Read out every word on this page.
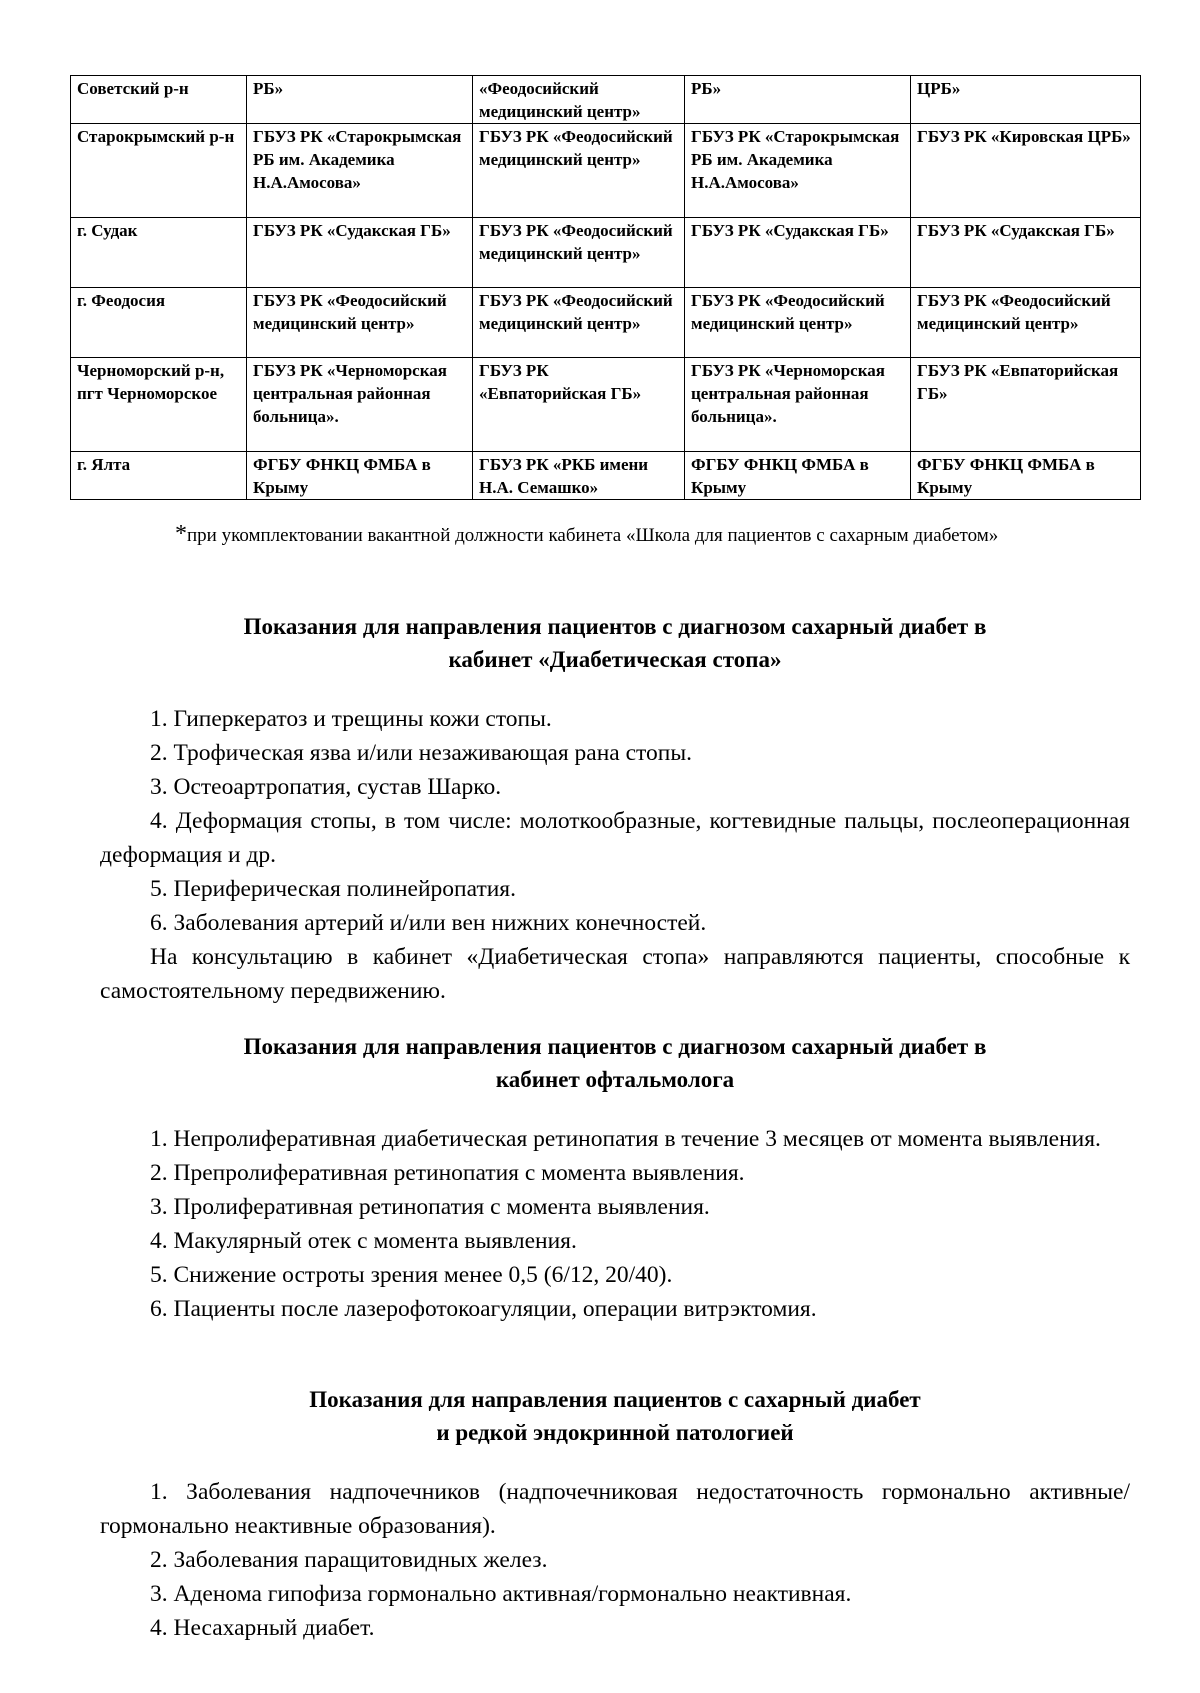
Советский р-н	РБ»	«Феодосийский медицинский центр»	РБ»	ЦРБ»
Старокрымский р-н	ГБУЗ РК «Старокрымская РБ им. Академика Н.А.Амосова»	ГБУЗ РК «Феодосийский медицинский центр»	ГБУЗ РК «Старокрымская РБ им. Академика Н.А.Амосова»	ГБУЗ РК «Кировская ЦРБ»
г. Судак	ГБУЗ РК «Судакская ГБ»	ГБУЗ РК «Феодосийский медицинский центр»	ГБУЗ РК «Судакская ГБ»	ГБУЗ РК «Судакская ГБ»
г. Феодосия	ГБУЗ РК «Феодосийский медицинский центр»	ГБУЗ РК «Феодосийский медицинский центр»	ГБУЗ РК «Феодосийский медицинский центр»	ГБУЗ РК «Феодосийский медицинский центр»
Черноморский р-н, пгт Черноморское	ГБУЗ РК «Черноморская центральная районная больница».	ГБУЗ РК «Евпаторийская ГБ»	ГБУЗ РК «Черноморская центральная районная больница».	ГБУЗ РК «Евпаторийская ГБ»
г. Ялта	ФГБУ ФНКЦ ФМБА в Крыму	ГБУЗ РК «РКБ имени Н.А. Семашко»	ФГБУ ФНКЦ ФМБА в Крыму	ФГБУ ФНКЦ ФМБА в Крыму
*при укомплектовании вакантной должности кабинета «Школа для пациентов с сахарным диабетом»
Показания для направления пациентов с диагнозом сахарный диабет в
кабинет «Диабетическая стопа»

1. Гиперкератоз и трещины кожи стопы.

2. Трофическая язва и/или незаживающая рана стопы.

3. Остеоартропатия, сустав Шарко.

4. Деформация стопы, в том числе: молоткообразные, когтевидные пальцы, послеоперационная деформация и др.

5. Периферическая полинейропатия.

6. Заболевания артерий и/или вен нижних конечностей.

На консультацию в кабинет «Диабетическая стопа» направляются пациенты, способные к самостоятельному передвижению.

Показания для направления пациентов с диагнозом сахарный диабет в
кабинет офтальмолога

1. Непролиферативная диабетическая ретинопатия в течение 3 месяцев от момента выявления.

2. Препролиферативная ретинопатия с момента выявления.

3. Пролиферативная ретинопатия с момента выявления.

4. Макулярный отек с момента выявления.

5. Снижение остроты зрения менее 0,5 (6/12, 20/40).

6. Пациенты после лазерофотокоагуляции, операции витрэктомия.

Показания для направления пациентов с сахарный диабет
и редкой эндокринной патологией

1. Заболевания надпочечников (надпочечниковая недостаточность гормонально активные/гормонально неактивные образования).

2. Заболевания паращитовидных желез.

3. Аденома гипофиза гормонально активная/гормонально неактивная.

4. Несахарный диабет.
